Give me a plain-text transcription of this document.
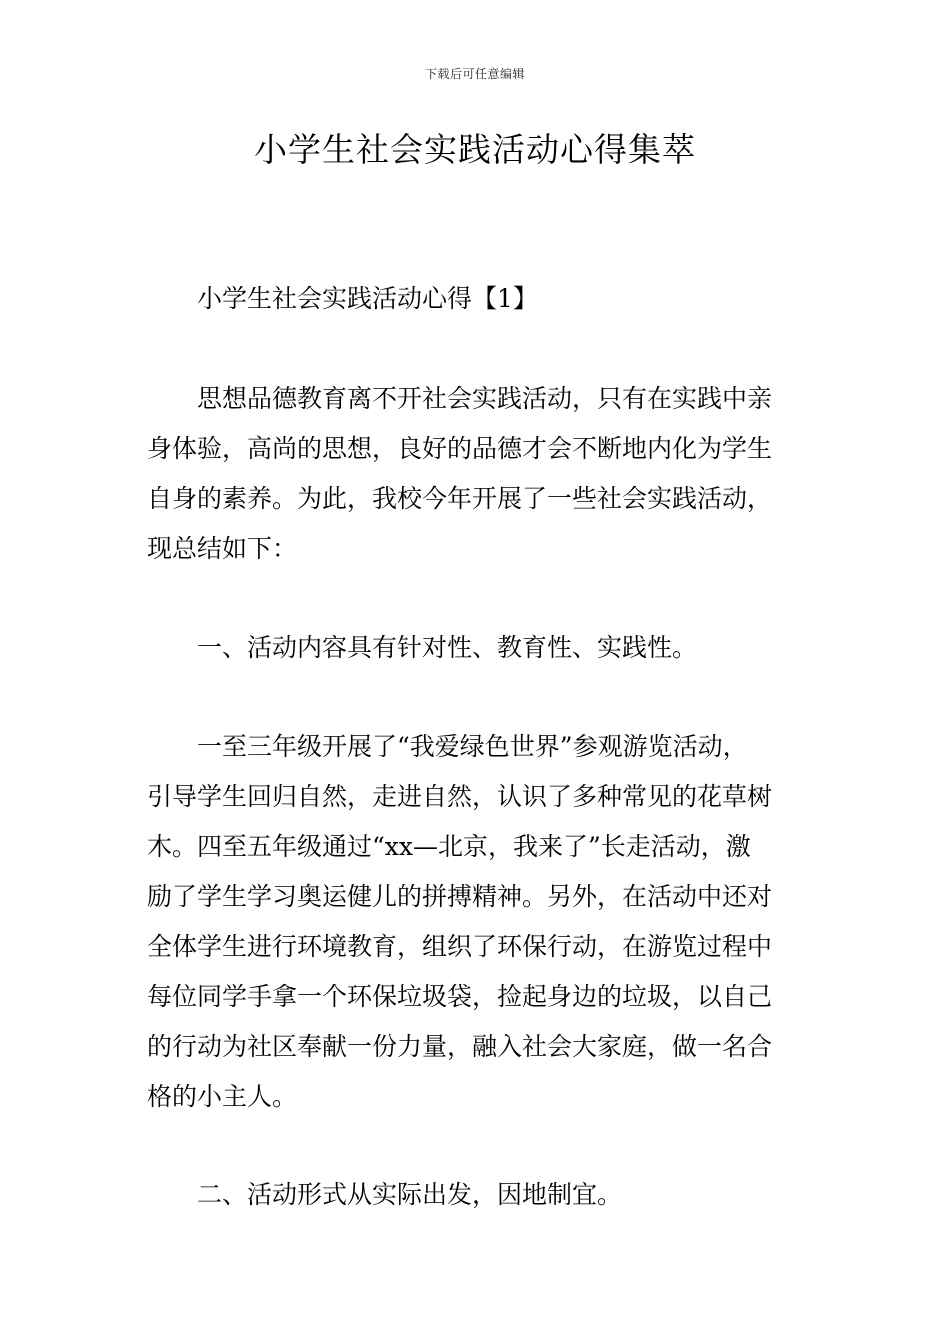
下载后可任意编辑
小学生社会实践活动心得集萃

小学生社会实践活动心得【1】

思想品德教育离不开社会实践活动，只有在实践中亲
身体验，高尚的思想，良好的品德才会不断地内化为学生
自身的素养。为此，我校今年开展了一些社会实践活动，
现总结如下：

一、活动内容具有针对性、教育性、实践性。

一至三年级开展了“我爱绿色世界”参观游览活动，
引导学生回归自然，走进自然，认识了多种常见的花草树
木。四至五年级通过“xx—北京，我来了”长走活动，激
励了学生学习奥运健儿的拼搏精神。另外，在活动中还对
全体学生进行环境教育，组织了环保行动，在游览过程中
每位同学手拿一个环保垃圾袋，捡起身边的垃圾，以自己
的行动为社区奉献一份力量，融入社会大家庭，做一名合
格的小主人。

二、活动形式从实际出发，因地制宜。
